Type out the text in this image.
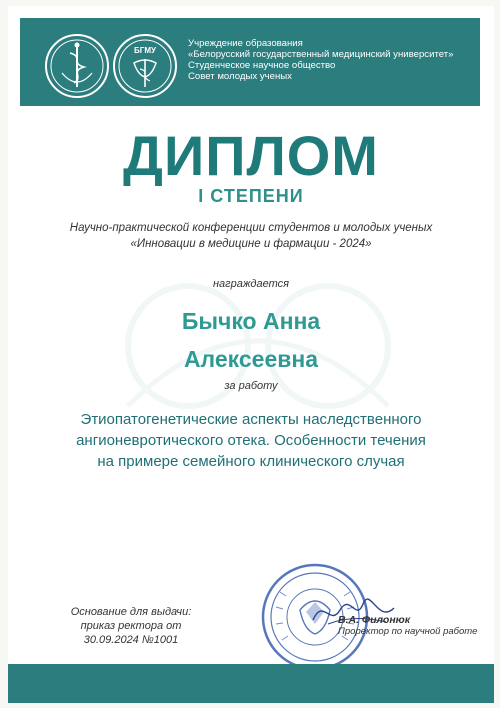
БГМУ
Учреждение образования
«Белорусский государственный медицинский университет»
Студенческое научное общество
Совет молодых ученых
ДИПЛОМ
I СТЕПЕНИ
Научно-практической конференции студентов и молодых ученых
«Инновации в медицине и фармации - 2024»
награждается
Бычко Анна
Алексеевна
за работу
Этиопатогенетические аспекты наследственного
ангионевротического отека. Особенности течения
на примере семейного клинического случая
Основание для выдачи:
приказ ректора от
30.09.2024 №1001
В.А. Филонюк
Проректор по научной работе
